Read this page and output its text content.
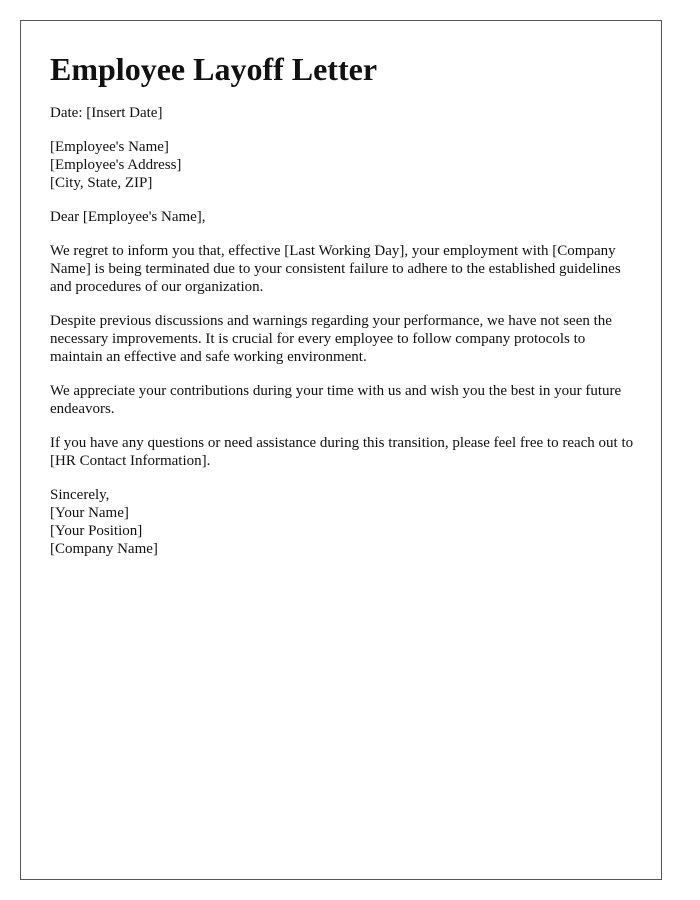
Employee Layoff Letter

Date: [Insert Date]

[Employee's Name]
[Employee's Address]
[City, State, ZIP]

Dear [Employee's Name],

We regret to inform you that, effective [Last Working Day], your employment with [Company Name] is being terminated due to your consistent failure to adhere to the established guidelines and procedures of our organization.

Despite previous discussions and warnings regarding your performance, we have not seen the necessary improvements. It is crucial for every employee to follow company protocols to maintain an effective and safe working environment.

We appreciate your contributions during your time with us and wish you the best in your future endeavors.

If you have any questions or need assistance during this transition, please feel free to reach out to [HR Contact Information].

Sincerely,
[Your Name]
[Your Position]
[Company Name]
